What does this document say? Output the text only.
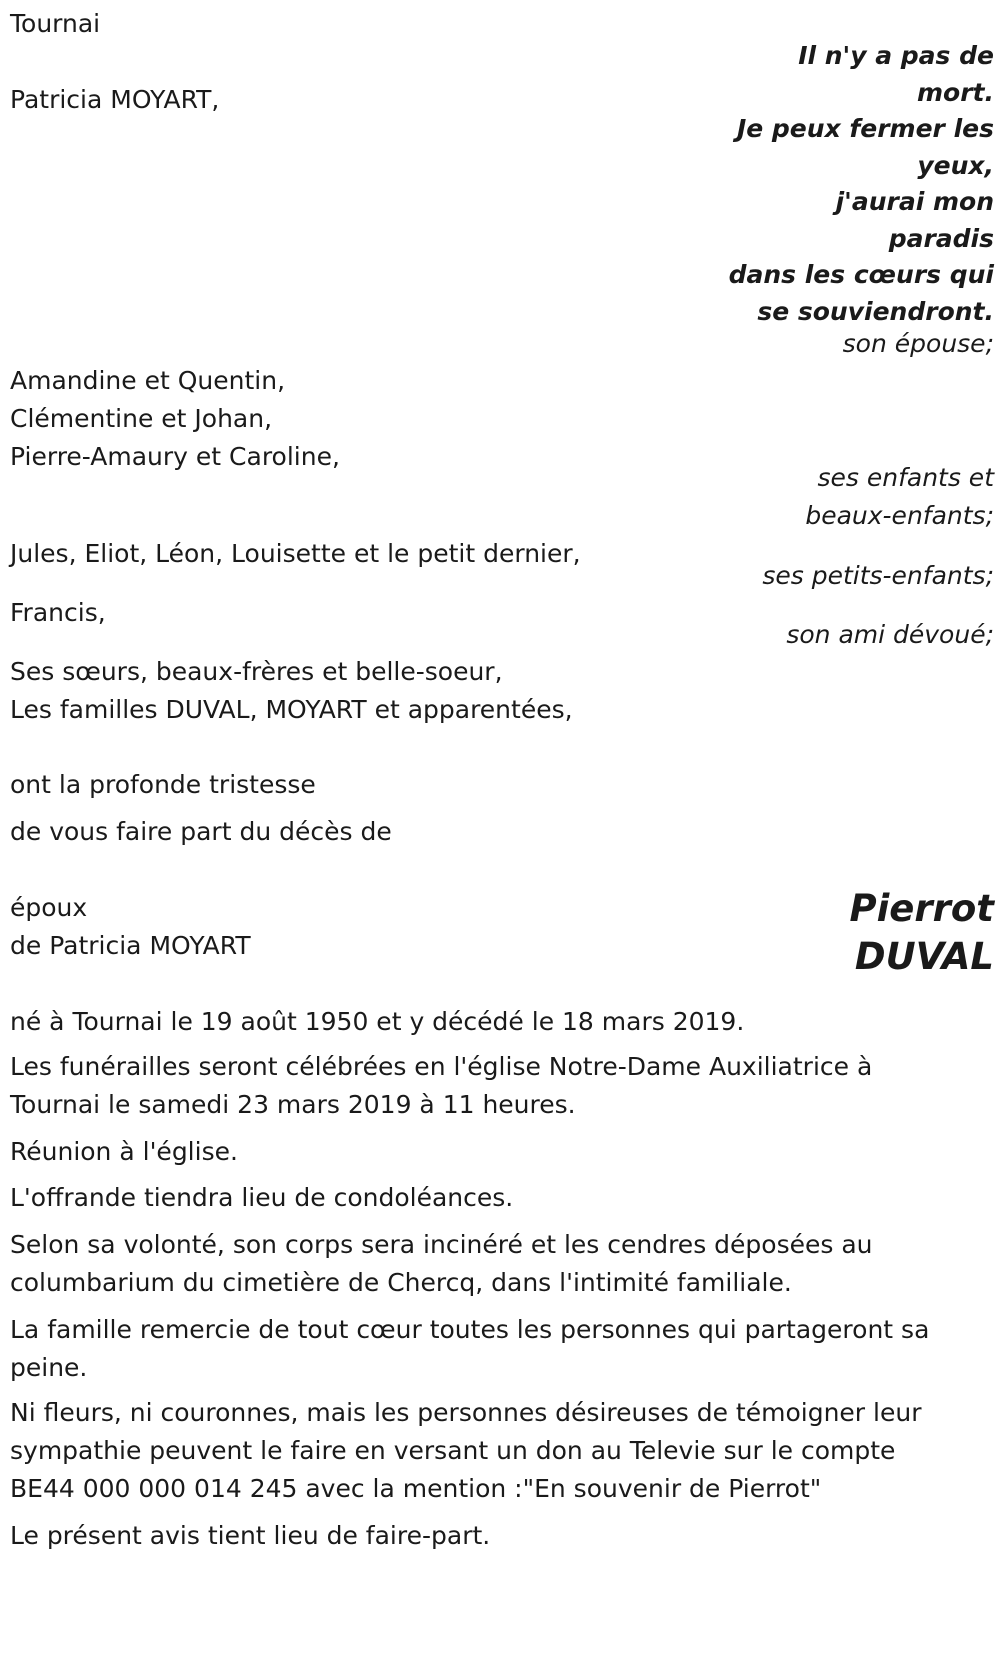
Tournai

Il n'y a pas de
mort.
Je peux fermer les
yeux,
j'aurai mon
paradis
dans les cœurs qui
se souviendront.

Patricia MOYART,

son épouse;

Amandine et Quentin,
Clémentine et Johan,
Pierre-Amaury et Caroline,
ses enfants et
beaux-enfants;

Jules, Eliot, Léon, Louisette et le petit dernier,

ses petits-enfants;

Francis,

son ami dévoué;

Ses sœurs, beaux-frères et belle-soeur,

Les familles DUVAL, MOYART et apparentées,

ont la profonde tristesse

de vous faire part du décès de

époux

de Patricia MOYART

Pierrot
DUVAL

né à Tournai le 19 août 1950 et y décédé le 18 mars 2019.

Les funérailles seront célébrées en l'église Notre-Dame Auxiliatrice à Tournai le samedi 23 mars 2019 à 11 heures.

Réunion à l'église.

L'offrande tiendra lieu de condoléances.

Selon sa volonté, son corps sera incinéré et les cendres déposées au columbarium du cimetière de Chercq, dans l'intimité familiale.

La famille remercie de tout cœur toutes les personnes qui partageront sa peine.

Ni fleurs, ni couronnes, mais les personnes désireuses de témoigner leur sympathie peuvent le faire en versant un don au Televie sur le compte BE44 000 000 014 245 avec la mention :"En souvenir de Pierrot"

Le présent avis tient lieu de faire-part.
